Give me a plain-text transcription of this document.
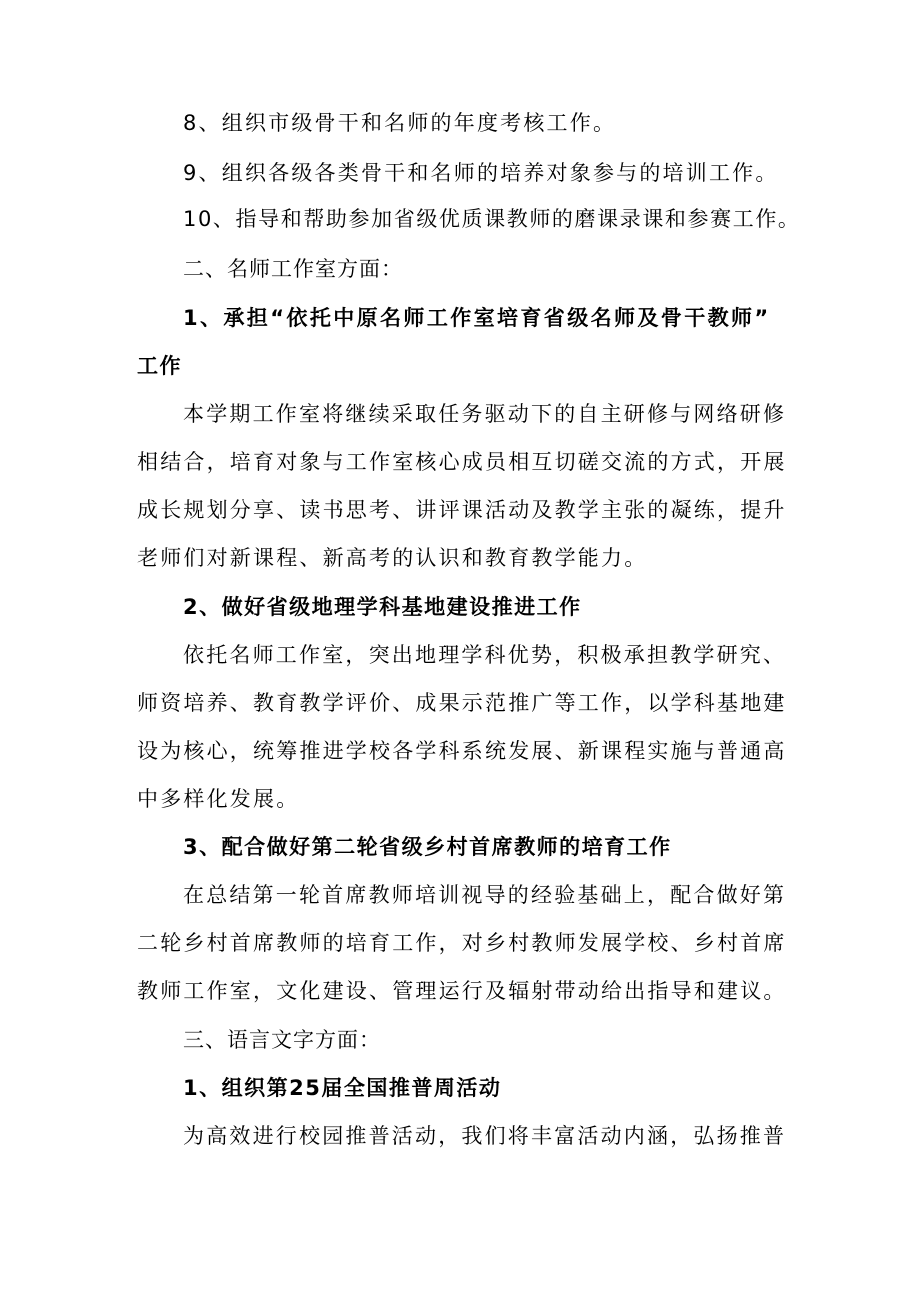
8、组织市级骨干和名师的年度考核工作。
9、组织各级各类骨干和名师的培养对象参与的培训工作。
10、指导和帮助参加省级优质课教师的磨课录课和参赛工作。
二、名师工作室方面：
1、承担“依托中原名师工作室培育省级名师及骨干教师”
工作
本学期工作室将继续采取任务驱动下的自主研修与网络研修
相结合，培育对象与工作室核心成员相互切磋交流的方式，开展
成长规划分享、读书思考、讲评课活动及教学主张的凝练，提升
老师们对新课程、新高考的认识和教育教学能力。
2、做好省级地理学科基地建设推进工作
依托名师工作室，突出地理学科优势，积极承担教学研究、
师资培养、教育教学评价、成果示范推广等工作，以学科基地建
设为核心，统筹推进学校各学科系统发展、新课程实施与普通高
中多样化发展。
3、配合做好第二轮省级乡村首席教师的培育工作
在总结第一轮首席教师培训视导的经验基础上，配合做好第
二轮乡村首席教师的培育工作，对乡村教师发展学校、乡村首席
教师工作室，文化建设、管理运行及辐射带动给出指导和建议。
三、语言文字方面：
1、组织第25届全国推普周活动
为高效进行校园推普活动，我们将丰富活动内涵，弘扬推普
